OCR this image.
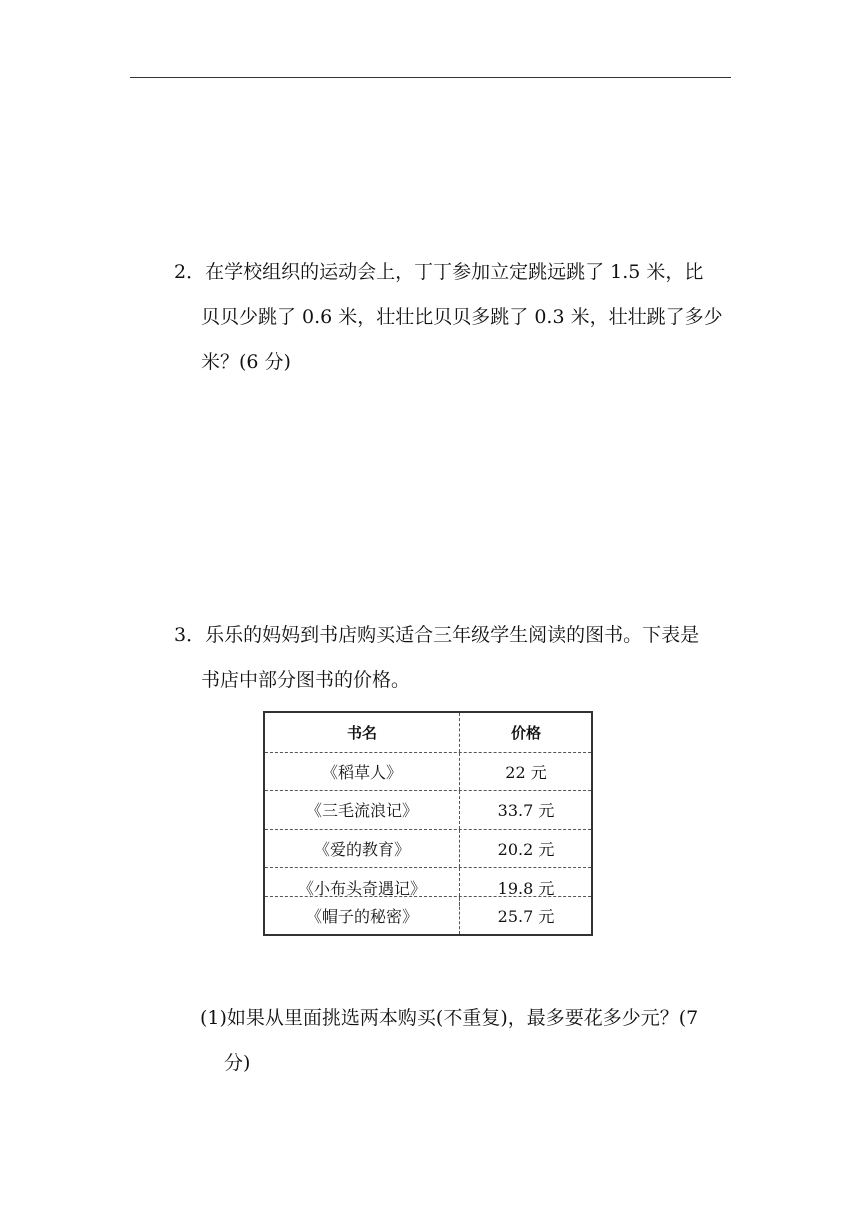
2．在学校组织的运动会上，丁丁参加立定跳远跳了 1.5 米，比
贝贝少跳了 0.6 米，壮壮比贝贝多跳了 0.3 米，壮壮跳了多少
米？(6 分)
3．乐乐的妈妈到书店购买适合三年级学生阅读的图书。下表是
书店中部分图书的价格。
书名	价格
《稻草人》	22 元
《三毛流浪记》	33.7 元
《爱的教育》	20.2 元
《小布头奇遇记》	19.8 元
《帽子的秘密》	25.7 元
(1)如果从里面挑选两本购买(不重复)，最多要花多少元？(7
分)
